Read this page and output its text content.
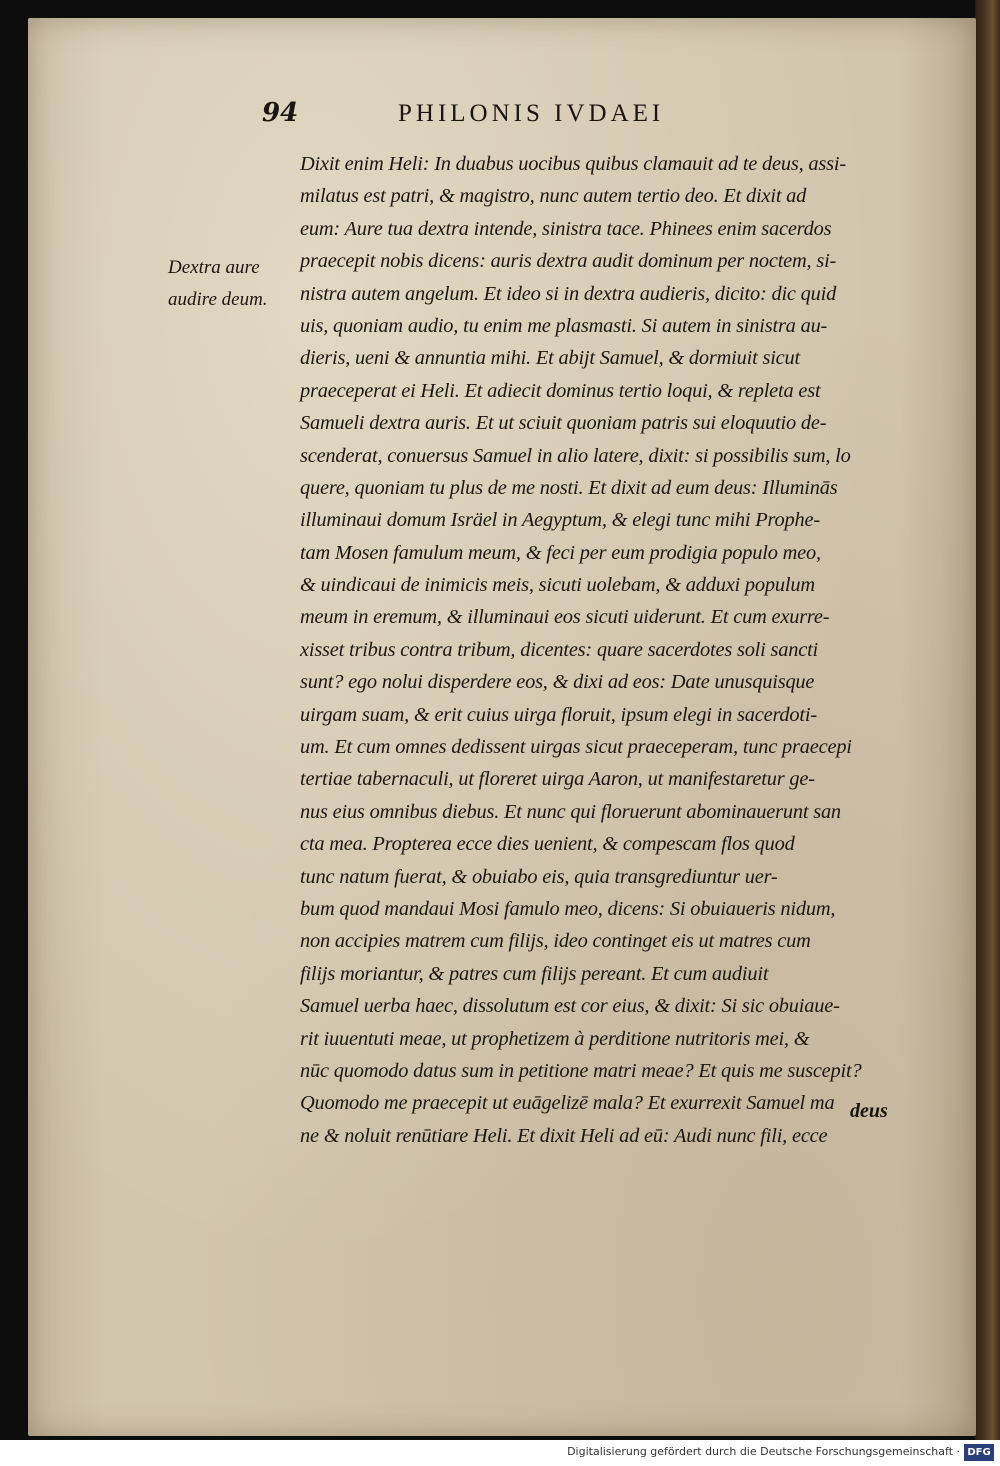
94	PHILONIS IVDAEI
Dextra aure
audire deum.
Dixit enim Heli: In duabus uocibus quibus clamauit ad te deus, assi-
milatus est patri, & magistro, nunc autem tertio deo. Et dixit ad
eum: Aure tua dextra intende, sinistra tace. Phinees enim sacerdos
praecepit nobis dicens: auris dextra audit dominum per noctem, si-
nistra autem angelum. Et ideo si in dextra audieris, dicito: dic quid
uis, quoniam audio, tu enim me plasmasti. Si autem in sinistra au-
dieris, ueni & annuntia mihi. Et abijt Samuel, & dormiuit sicut
praeceperat ei Heli. Et adiecit dominus tertio loqui, & repleta est
Samueli dextra auris. Et ut sciuit quoniam patris sui eloquutio de-
scenderat, conuersus Samuel in alio latere, dixit: si possibilis sum, lo
quere, quoniam tu plus de me nosti. Et dixit ad eum deus: Illuminās
illuminaui domum Isräel in Aegyptum, & elegi tunc mihi Prophe-
tam Mosen famulum meum, & feci per eum prodigia populo meo,
& uindicaui de inimicis meis, sicuti uolebam, & adduxi populum
meum in eremum, & illuminaui eos sicuti uiderunt. Et cum exurre-
xisset tribus contra tribum, dicentes: quare sacerdotes soli sancti
sunt? ego nolui disperdere eos, & dixi ad eos: Date unusquisque
uirgam suam, & erit cuius uirga floruit, ipsum elegi in sacerdoti-
um. Et cum omnes dedissent uirgas sicut praeceperam, tunc praecepi
tertiae tabernaculi, ut floreret uirga Aaron, ut manifestaretur ge-
nus eius omnibus diebus. Et nunc qui floruerunt abominauerunt san
cta mea. Propterea ecce dies uenient, & compescam flos quod
tunc natum fuerat, & obuiabo eis, quia transgrediuntur uer-
bum quod mandaui Mosi famulo meo, dicens: Si obuiaueris nidum,
non accipies matrem cum filijs, ideo continget eis ut matres cum
filijs moriantur, & patres cum filijs pereant. Et cum audiuit
Samuel uerba haec, dissolutum est cor eius, & dixit: Si sic obuiaue-
rit iuuentuti meae, ut prophetizem à perditione nutritoris mei, &
nūc quomodo datus sum in petitione matri meae? Et quis me suscepit?
Quomodo me praecepit ut euāgelizē mala? Et exurrexit Samuel ma
ne & noluit renūtiare Heli. Et dixit Heli ad eū: Audi nunc fili, ecce
deus
Digitalisierung gefördert durch die Deutsche Forschungsgemeinschaft · DFG
